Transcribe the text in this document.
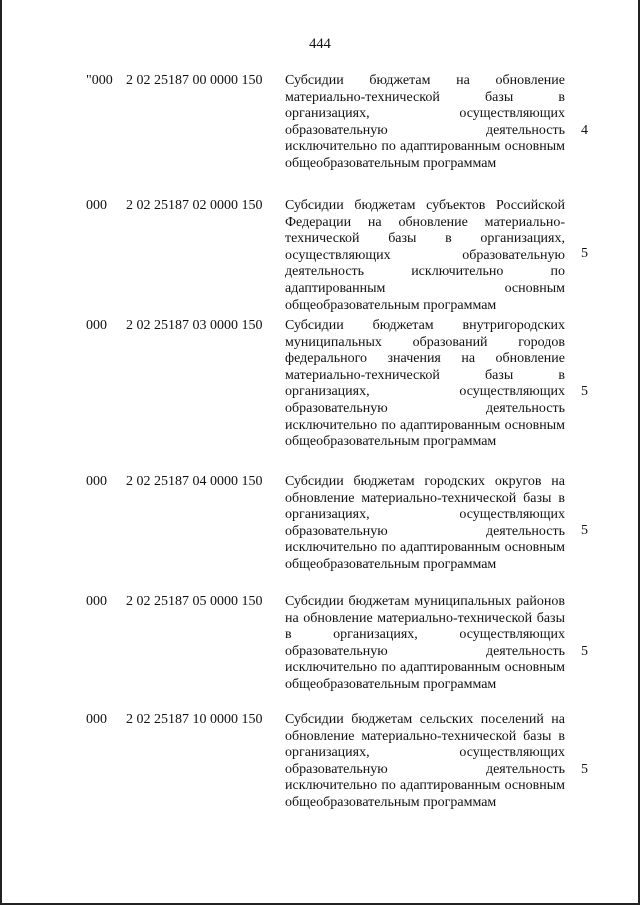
444
"000 2 02 25187 00 0000 150 Субсидии бюджетам на обновление материально-технической базы в организациях, осуществляющих образовательную деятельность исключительно по адаптированным основным общеобразовательным программам
4
000 2 02 25187 02 0000 150 Субсидии бюджетам субъектов Российской Федерации на обновление материально-технической базы в организациях, осуществляющих образовательную деятельность исключительно по адаптированным основным общеобразовательным программам
5
000 2 02 25187 03 0000 150 Субсидии бюджетам внутригородских муниципальных образований городов федерального значения на обновление материально-технической базы в организациях, осуществляющих образовательную деятельность исключительно по адаптированным основным общеобразовательным программам
5
000 2 02 25187 04 0000 150 Субсидии бюджетам городских округов на обновление материально-технической базы в организациях, осуществляющих образовательную деятельность исключительно по адаптированным основным общеобразовательным программам
5
000 2 02 25187 05 0000 150 Субсидии бюджетам муниципальных районов на обновление материально-технической базы в организациях, осуществляющих образовательную деятельность исключительно по адаптированным основным общеобразовательным программам
5
000 2 02 25187 10 0000 150 Субсидии бюджетам сельских поселений на обновление материально-технической базы в организациях, осуществляющих образовательную деятельность исключительно по адаптированным основным общеобразовательным программам
5
